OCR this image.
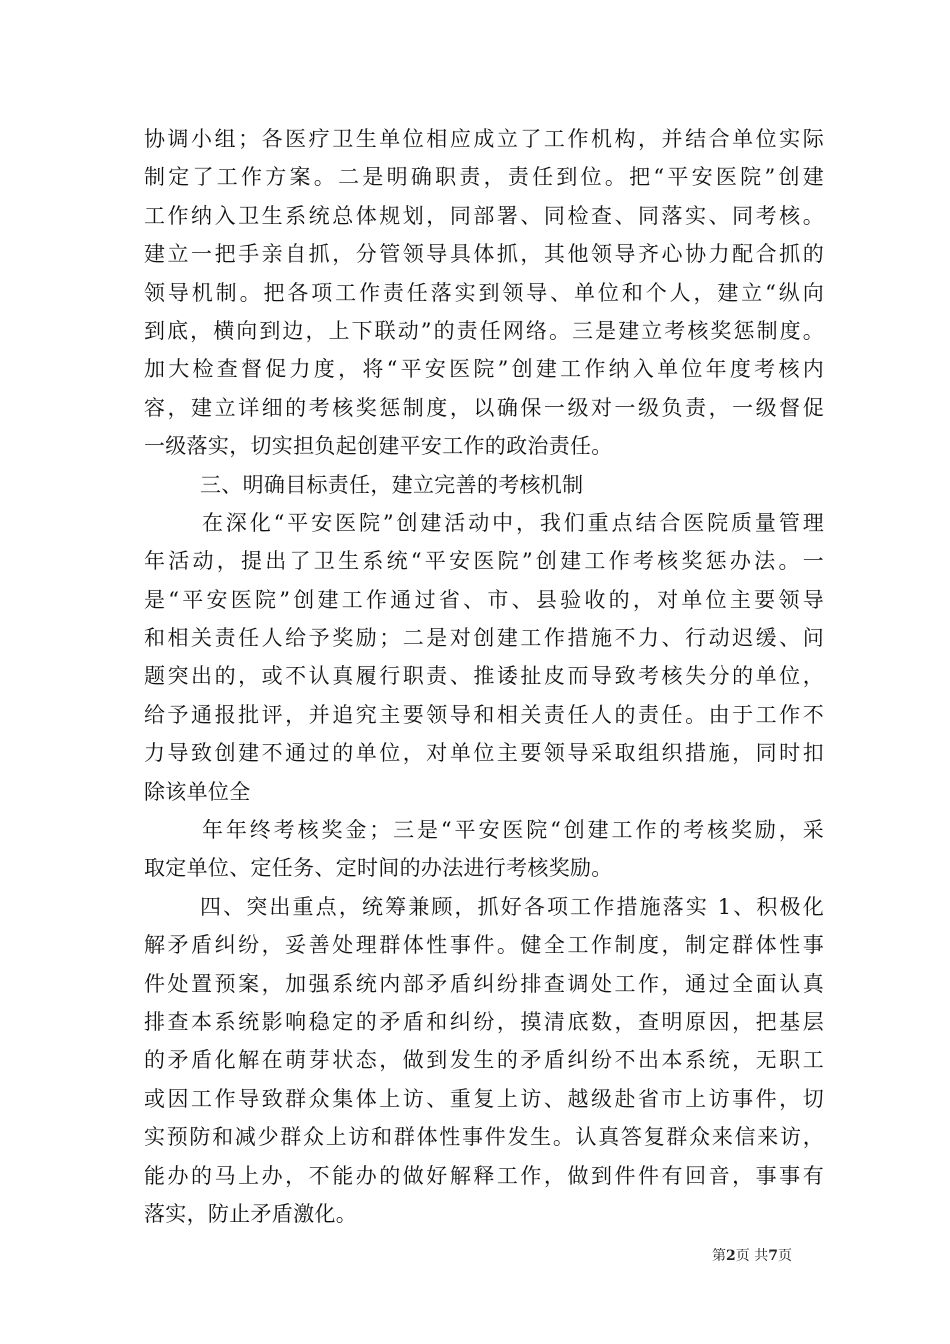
协调小组；各医疗卫生单位相应成立了工作机构，并结合单位实际
制定了工作方案。二是明确职责，责任到位。把“平安医院”创建
工作纳入卫生系统总体规划，同部署、同检查、同落实、同考核。
建立一把手亲自抓，分管领导具体抓，其他领导齐心协力配合抓的
领导机制。把各项工作责任落实到领导、单位和个人，建立“纵向
到底，横向到边，上下联动”的责任网络。三是建立考核奖惩制度。
加大检查督促力度，将“平安医院”创建工作纳入单位年度考核内
容，建立详细的考核奖惩制度，以确保一级对一级负责，一级督促
一级落实，切实担负起创建平安工作的政治责任。
三、明确目标责任，建立完善的考核机制
在深化“平安医院”创建活动中，我们重点结合医院质量管理
年活动，提出了卫生系统“平安医院”创建工作考核奖惩办法。一
是“平安医院”创建工作通过省、市、县验收的，对单位主要领导
和相关责任人给予奖励；二是对创建工作措施不力、行动迟缓、问
题突出的，或不认真履行职责、推诿扯皮而导致考核失分的单位，
给予通报批评，并追究主要领导和相关责任人的责任。由于工作不
力导致创建不通过的单位，对单位主要领导采取组织措施，同时扣
除该单位全
年年终考核奖金；三是“平安医院“创建工作的考核奖励，采
取定单位、定任务、定时间的办法进行考核奖励。
四、突出重点，统筹兼顾，抓好各项工作措施落实 1、积极化
解矛盾纠纷，妥善处理群体性事件。健全工作制度，制定群体性事
件处置预案，加强系统内部矛盾纠纷排查调处工作，通过全面认真
排查本系统影响稳定的矛盾和纠纷，摸清底数，查明原因，把基层
的矛盾化解在萌芽状态，做到发生的矛盾纠纷不出本系统，无职工
或因工作导致群众集体上访、重复上访、越级赴省市上访事件，切
实预防和减少群众上访和群体性事件发生。认真答复群众来信来访，
能办的马上办，不能办的做好解释工作，做到件件有回音，事事有
落实，防止矛盾激化。
第2页 共7页
